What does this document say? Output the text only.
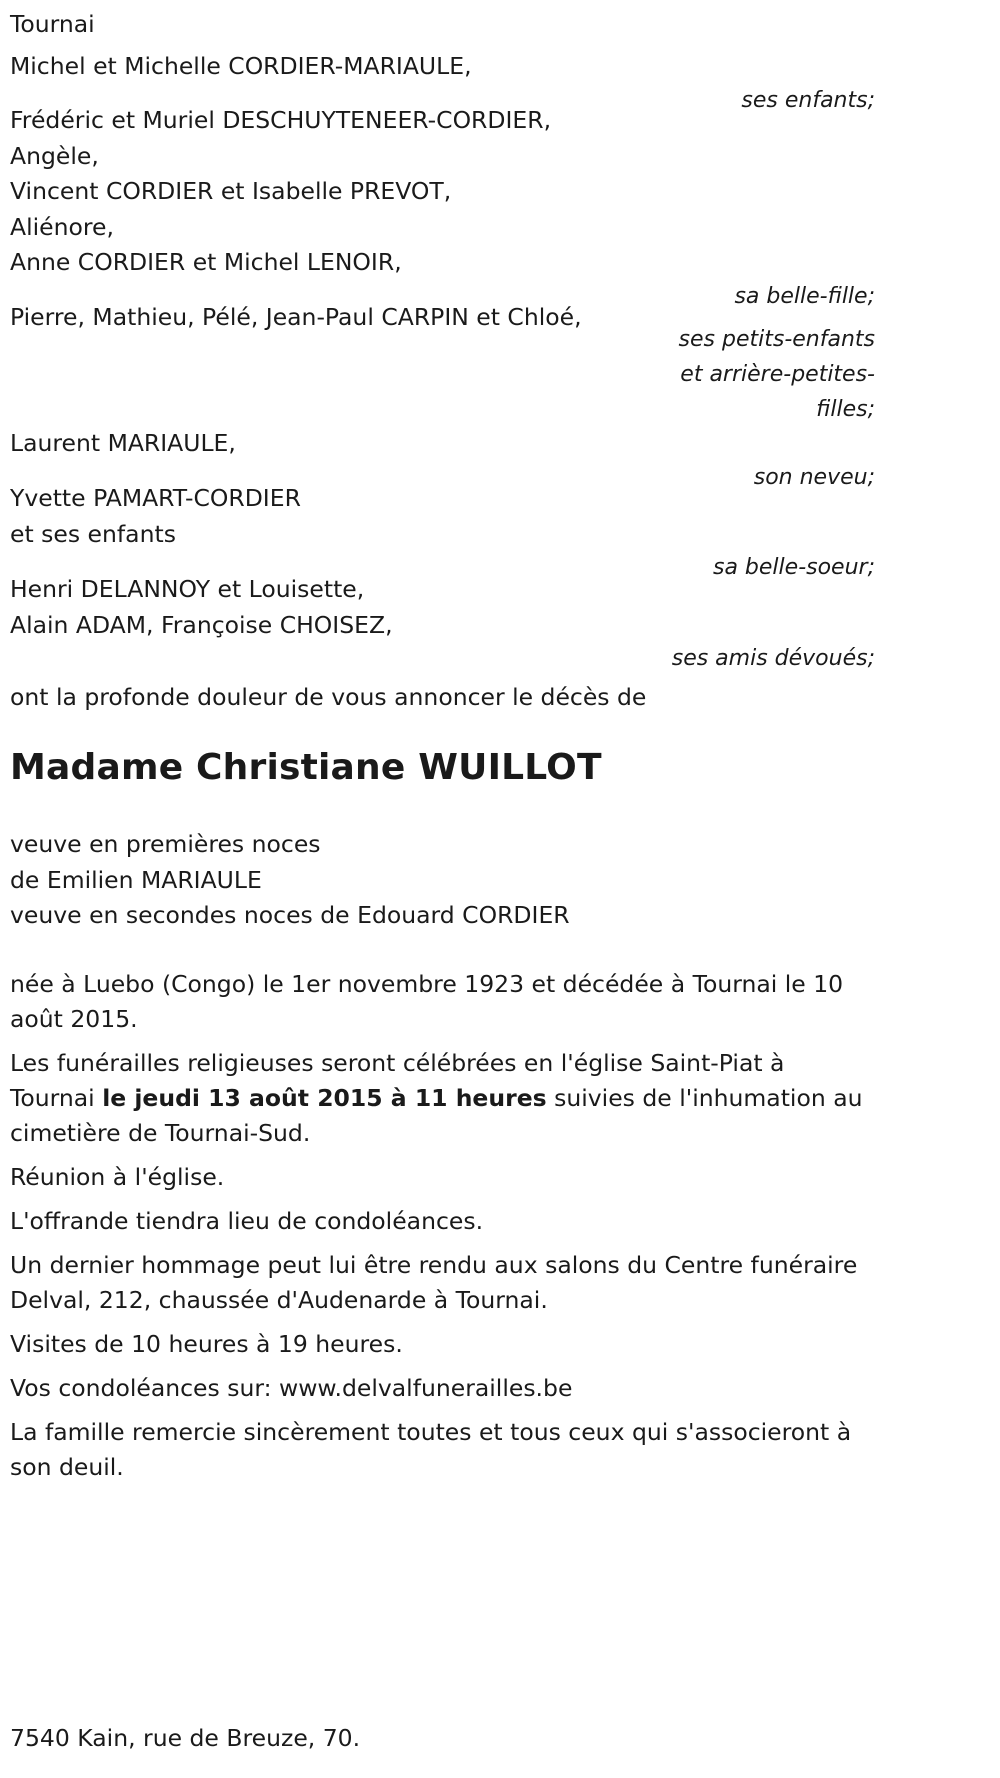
Tournai
Michel et Michelle CORDIER-MARIAULE,
ses enfants;
Frédéric et Muriel DESCHUYTENEER-CORDIER,
Angèle,
Vincent CORDIER et Isabelle PREVOT,
Aliénore,
Anne CORDIER et Michel LENOIR,
sa belle-fille;
Pierre, Mathieu, Pélé, Jean-Paul CARPIN et Chloé,
ses petits-enfants
et arrière-petites-
filles;
Laurent MARIAULE,
son neveu;
Yvette PAMART-CORDIER
et ses enfants
sa belle-soeur;
Henri DELANNOY et Louisette,
Alain ADAM, Françoise CHOISEZ,
ses amis dévoués;
ont la profonde douleur de vous annoncer le décès de
Madame Christiane WUILLOT
veuve en premières noces
de Emilien MARIAULE
veuve en secondes noces de Edouard CORDIER
née à Luebo (Congo) le 1er novembre 1923 et décédée à Tournai le 10 août 2015.
Les funérailles religieuses seront célébrées en l'église Saint-Piat à Tournai le jeudi 13 août 2015 à 11 heures suivies de l'inhumation au cimetière de Tournai-Sud.
Réunion à l'église.
L'offrande tiendra lieu de condoléances.
Un dernier hommage peut lui être rendu aux salons du Centre funéraire Delval, 212, chaussée d'Audenarde à Tournai.
Visites de 10 heures à 19 heures.
Vos condoléances sur: www.delvalfunerailles.be
La famille remercie sincèrement toutes et tous ceux qui s'associeront à son deuil.
7540 Kain, rue de Breuze, 70.
